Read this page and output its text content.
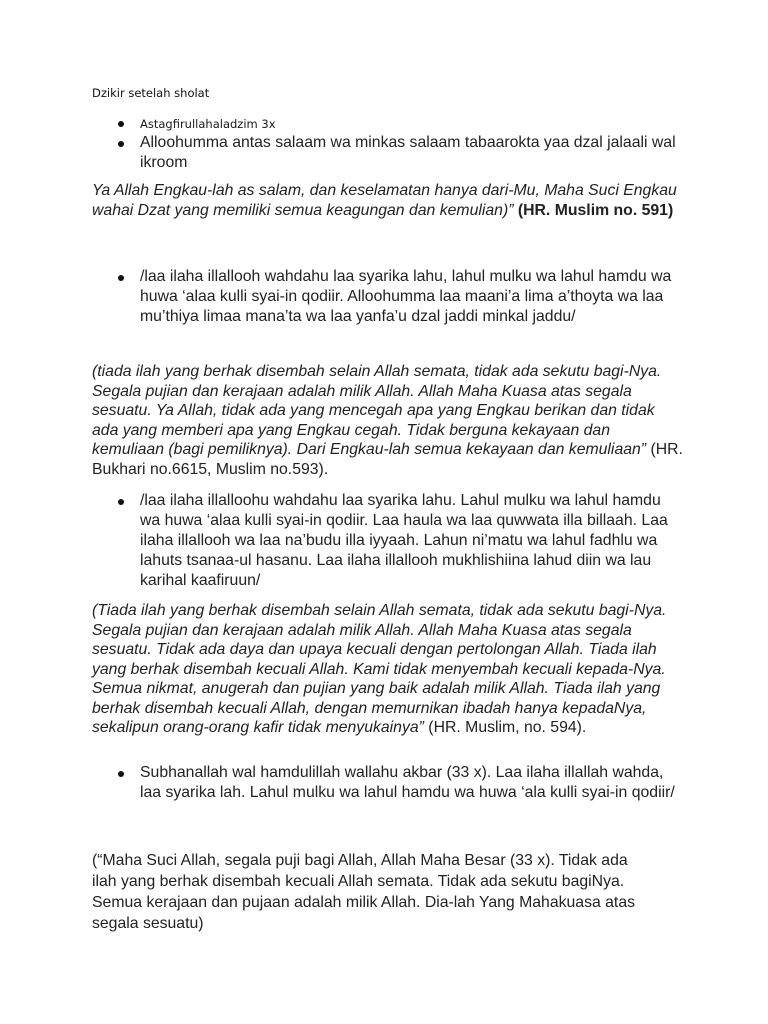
Dzikir setelah sholat
Astagfirullahaladzim 3x
Alloohumma antas salaam wa minkas salaam tabaarokta yaa dzal jalaali wal ikroom
Ya Allah Engkau-lah as salam, dan keselamatan hanya dari-Mu, Maha Suci Engkau wahai Dzat yang memiliki semua keagungan dan kemulian)” (HR. Muslim no. 591)
/laa ilaha illallooh wahdahu laa syarika lahu, lahul mulku wa lahul hamdu wa huwa ‘alaa kulli syai-in qodiir. Alloohumma laa maani’a lima a’thoyta wa laa mu’thiya limaa mana’ta wa laa yanfa’u dzal jaddi minkal jaddu/
(tiada ilah yang berhak disembah selain Allah semata, tidak ada sekutu bagi-Nya. Segala pujian dan kerajaan adalah milik Allah. Allah Maha Kuasa atas segala sesuatu. Ya Allah, tidak ada yang mencegah apa yang Engkau berikan dan tidak ada yang memberi apa yang Engkau cegah. Tidak berguna kekayaan dan kemuliaan (bagi pemiliknya). Dari Engkau-lah semua kekayaan dan kemuliaan” (HR. Bukhari no.6615, Muslim no.593).
/laa ilaha illalloohu wahdahu laa syarika lahu. Lahul mulku wa lahul hamdu wa huwa ‘alaa kulli syai-in qodiir. Laa haula wa laa quwwata illa billaah. Laa ilaha illallooh wa laa na’budu illa iyyaah. Lahun ni’matu wa lahul fadhlu wa lahuts tsanaa-ul hasanu. Laa ilaha illallooh mukhlishiina lahud diin wa lau karihal kaafiruun/
(Tiada ilah yang berhak disembah selain Allah semata, tidak ada sekutu bagi-Nya. Segala pujian dan kerajaan adalah milik Allah. Allah Maha Kuasa atas segala sesuatu. Tidak ada daya dan upaya kecuali dengan pertolongan Allah. Tiada ilah yang berhak disembah kecuali Allah. Kami tidak menyembah kecuali kepada-Nya. Semua nikmat, anugerah dan pujian yang baik adalah milik Allah. Tiada ilah yang berhak disembah kecuali Allah, dengan memurnikan ibadah hanya kepadaNya, sekalipun orang-orang kafir tidak menyukainya” (HR. Muslim, no. 594).
Subhanallah wal hamdulillah wallahu akbar (33 x). Laa ilaha illallah wahda, laa syarika lah. Lahul mulku wa lahul hamdu wa huwa ‘ala kulli syai-in qodiir/
(“Maha Suci Allah, segala puji bagi Allah, Allah Maha Besar (33 x). Tidak ada ilah yang berhak disembah kecuali Allah semata. Tidak ada sekutu bagiNya. Semua kerajaan dan pujaan adalah milik Allah. Dia-lah Yang Mahakuasa atas segala sesuatu)
